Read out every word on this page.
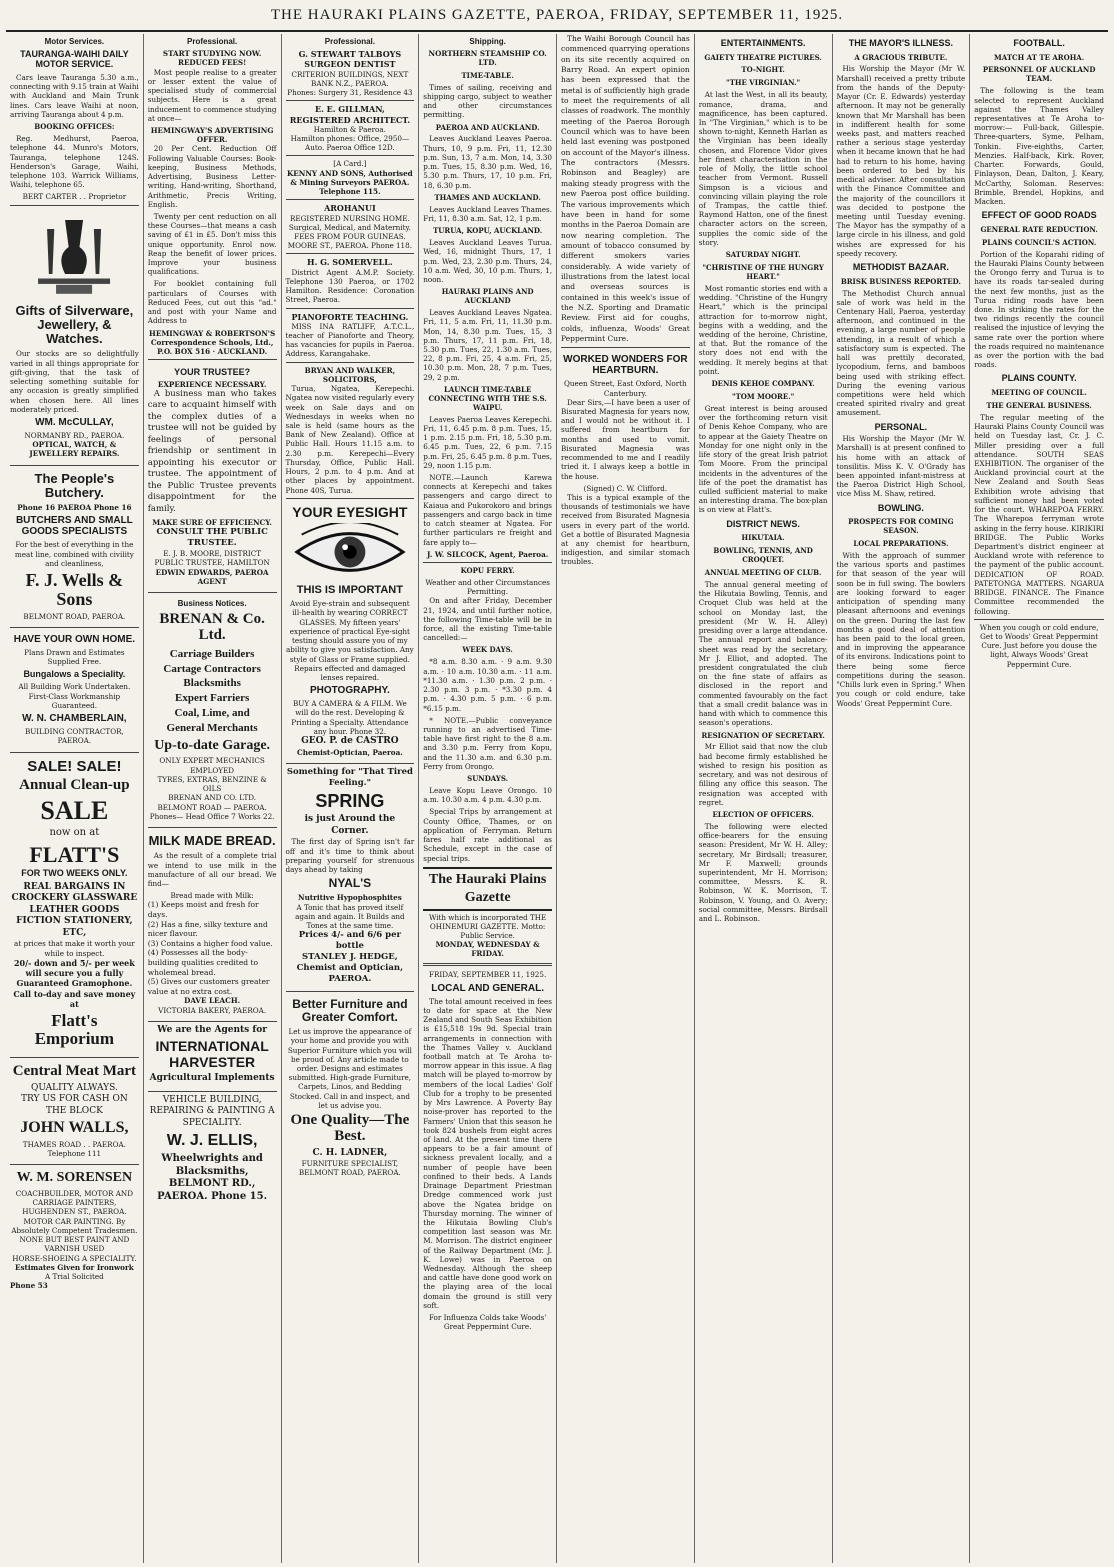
THE HAURAKI PLAINS GAZETTE, PAEROA, FRIDAY, SEPTEMBER 11, 1925.
Motor Services.
TAURANGA-WAIHI DAILY MOTOR SERVICE.
Cars leave Tauranga 5.30 a.m., connecting with 9.15 train at Waihi with Auckland and Main Trunk lines. Cars leave Waihi at noon, arriving Tauranga about 4 p.m.
BOOKING OFFICES:
Reg. Medhurst, Paeroa, telephone 44. Munro's Motors, Tauranga, telephone 124S. Henderson's Garage, Waihi, telephone 103. Warrick Williams, Waihi, telephone 65.
BERT CARTER . . Proprietor
Gifts of Silverware, Jewellery, & Watches.
Our stocks are so delightfully varied in all things appropriate for gift-giving, that the task of selecting something suitable for any occasion is greatly simplified when chosen here. All lines moderately priced.
WM. McCULLAY,
NORMANBY RD., PAEROA.
OPTICAL, WATCH, & JEWELLERY REPAIRS.
The People's Butchery.
Phone 16 PAEROA Phone 16
BUTCHERS AND SMALL GOODS SPECIALISTS
For the best of everything in the meat line, combined with civility and cleanliness,
F. J. Wells & Sons
BELMONT ROAD, PAEROA.
HAVE YOUR OWN HOME.
Plans Drawn and Estimates Supplied Free.
Bungalows a Speciality.
All Building Work Undertaken. First-Class Workmanship Guaranteed.
W. N. CHAMBERLAIN,
BUILDING CONTRACTOR, PAEROA.
SALE! SALE!
Annual Clean-up
SALE
now on at
FLATT'S
FOR TWO WEEKS ONLY.
REAL BARGAINS IN CROCKERY GLASSWARE LEATHER GOODS FICTION STATIONERY, ETC,
at prices that make it worth your while to inspect.
20/- down and 5/- per week will secure you a fully Guaranteed Gramophone.
Call to-day and save money at
Flatt's Emporium
Central Meat Mart
QUALITY ALWAYS.
TRY US FOR CASH ON THE BLOCK
JOHN WALLS,
THAMES ROAD . . PAEROA.
Telephone 111
W. M. SORENSEN
COACHBUILDER, MOTOR AND CARRIAGE PAINTERS, HUGHENDEN ST., PAEROA.
MOTOR CAR PAINTING. By Absolutely Competent Tradesmen.
NONE BUT BEST PAINT AND VARNISH USED
HORSE-SHOEING A SPECIALITY.
Estimates Given for Ironwork
A Trial Solicited
Phone 53
Professional.
START STUDYING NOW. REDUCED FEES!
Most people realise to a greater or lesser extent the value of specialised study of commercial subjects. Here is a great inducement to commence studying at once—
HEMINGWAY'S ADVERTISING OFFER.
20 Per Cent. Reduction Off Following Valuable Courses: Book-keeping, Business Methods, Advertising, Business Letter-writing, Hand-writing, Shorthand, Arithmetic, Precis Writing, English.
Twenty per cent reduction on all these Courses—that means a cash saving of £1 in £5. Don't miss this unique opportunity. Enrol now. Reap the benefit of lower prices. Improve your business qualifications.
For booklet containing full particulars of Courses with Reduced Fees, cut out this "ad." and post with your Name and Address to
HEMINGWAY & ROBERTSON'S Correspondence Schools, Ltd., P.O. BOX 516 · AUCKLAND.
YOUR TRUSTEE?
EXPERIENCE NECESSARY.
A business man who takes care to acquaint himself with the complex duties of a trustee will not be guided by feelings of personal friendship or sentiment in appointing his executor or trustee. The appointment of the Public Trustee prevents disappointment for the family.
MAKE SURE OF EFFICIENCY.
CONSULT THE PUBLIC TRUSTEE.
E. J. B. MOORE, DISTRICT PUBLIC TRUSTEE, HAMILTON
EDWIN EDWARDS, PAEROA AGENT
Business Notices.
BRENAN & Co. Ltd.
Carriage Builders
Cartage Contractors
Blacksmiths
Expert Farriers
Coal, Lime, and
General Merchants
Up-to-date Garage.
ONLY EXPERT MECHANICS EMPLOYED
TYRES, EXTRAS, BENZINE & OILS
BRENAN AND CO. LTD. BELMONT ROAD — PAEROA.
Phones— Head Office 7 Works 22.
MILK MADE BREAD.
As the result of a complete trial we intend to use milk in the manufacture of all our bread. We find—
Bread made with Milk:
(1) Keeps moist and fresh for days.
(2) Has a fine, silky texture and nicer flavour.
(3) Contains a higher food value.
(4) Possesses all the body-building qualities credited to wholemeal bread.
(5) Gives our customers greater value at no extra cost.
DAVE LEACH.
VICTORIA BAKERY, PAEROA.
We are the Agents for
INTERNATIONAL HARVESTER
Agricultural Implements
VEHICLE BUILDING, REPAIRING & PAINTING A SPECIALITY.
W. J. ELLIS,
Wheelwrights and Blacksmiths,
BELMONT RD., PAEROA. Phone 15.
Professional.
G. STEWART TALBOYS SURGEON DENTIST
CRITERION BUILDINGS, NEXT BANK N.Z., PAEROA.
Phones: Surgery 31, Residence 43
E. E. GILLMAN, REGISTERED ARCHITECT.
Hamilton & Paeroa.
Hamilton phones: Office, 2950—Auto. Paeroa Office 12D.
[A Card.]
KENNY AND SONS, Authorised & Mining Surveyors PAEROA. Telephone 115.
AROHANUI
REGISTERED NURSING HOME. Surgical, Medical, and Maternity. FEES FROM FOUR GUINEAS. MOORE ST., PAEROA. Phone 118.
H. G. SOMERVELL.
District Agent A.M.P. Society. Telephone 130 Paeroa, or 1702 Hamilton. Residence: Coronation Street, Paeroa.
PIANOFORTE TEACHING.
MISS INA RATLIFF, A.T.C.L., teacher of Pianoforte and Theory, has vacancies for pupils in Paeroa. Address, Karangahake.
BRYAN AND WALKER, SOLICITORS,
Turua, Ngatea, Kerepechi. Ngatea now visited regularly every week on Sale days and on Wednesdays in weeks when no sale is held (same hours as the Bank of New Zealand). Office at Public Hall. Hours 11.15 a.m. to 2.30 p.m. Kerepechi—Every Thursday, Office, Public Hall. Hours, 2 p.m. to 4 p.m. And at other places by appointment. Phone 40S, Turua.
YOUR EYESIGHT
THIS IS IMPORTANT
Avoid Eye-strain and subsequent ill-health by wearing CORRECT GLASSES. My fifteen years' experience of practical Eye-sight testing should assure you of my ability to give you satisfaction. Any style of Glass or Frame supplied. Repairs effected and damaged lenses repaired.
PHOTOGRAPHY.
BUY A CAMERA & A FILM. We will do the rest. Developing & Printing a Specialty. Attendance any hour. Phone 32.
GEO. P. de CASTRO
Chemist-Optician, Paeroa.
Something for "That Tired Feeling."
SPRING
is just Around the Corner.
The first day of Spring isn't far off and it's time to think about preparing yourself for strenuous days ahead by taking
NYAL'S
Nutritive Hypophosphites
A Tonic that has proved itself again and again. It Builds and Tones at the same time.
Prices 4/- and 6/6 per bottle
STANLEY J. HEDGE, Chemist and Optician, PAEROA.
Better Furniture and Greater Comfort.
Let us improve the appearance of your home and provide you with Superior Furniture which you will be proud of. Any article made to order. Designs and estimates submitted. High-grade Furniture, Carpets, Linos, and Bedding Stocked. Call in and inspect, and let us advise you.
One Quality—The Best.
C. H. LADNER,
FURNITURE SPECIALIST, BELMONT ROAD, PAEROA.
Shipping.
NORTHERN STEAMSHIP CO. LTD.
TIME-TABLE.
Times of sailing, receiving and shipping cargo, subject to weather and other circumstances permitting.
PAEROA AND AUCKLAND.
Leaves Auckland Leaves Paeroa. Thurs, 10, 9 p.m. Fri, 11, 12.30 p.m. Sun, 13, 7 a.m. Mon, 14, 3.30 p.m. Tues, 15, 8.30 p.m. Wed, 16, 5.30 p.m. Thurs, 17, 10 p.m. Fri, 18, 6.30 p.m.
THAMES AND AUCKLAND.
Leaves Auckland Leaves Thames. Fri, 11, 8.30 a.m. Sat, 12, 1 p.m.
TURUA, KOPU, AUCKLAND.
Leaves Auckland Leaves Turua. Wed, 16, midnight Thurs, 17, 1 p.m. Wed, 23, 2.30 p.m. Thurs, 24, 10 a.m. Wed, 30, 10 p.m. Thurs, 1, noon.
HAURAKI PLAINS AND AUCKLAND
Leaves Auckland Leaves Ngatea. Fri, 11, 5 a.m. Fri, 11, 11.30 p.m. Mon, 14, 8.30 p.m. Tues, 15, 3 p.m. Thurs, 17, 11 p.m. Fri, 18, 5.30 p.m. Tues, 22, 1.30 a.m. Tues, 22, 8 p.m. Fri, 25, 4 a.m. Fri, 25, 10.30 p.m. Mon, 28, 7 p.m. Tues, 29, 2 p.m.
LAUNCH TIME-TABLE CONNECTING WITH THE S.S. WAIPU.
Leaves Paeroa Leaves Kerepechi. Fri, 11, 6.45 p.m. 8 p.m. Tues, 15, 1 p.m. 2.15 p.m. Fri, 18, 5.30 p.m. 6.45 p.m. Tues, 22, 6 p.m. 7.15 p.m. Fri, 25, 6.45 p.m. 8 p.m. Tues, 29, noon 1.15 p.m.
NOTE.—Launch Karewa connects at Kerepechi and takes passengers and cargo direct to Kaiaua and Pukorokoro and brings passengers and cargo back in time to catch steamer at Ngatea. For further particulars re freight and fare apply to—
J. W. SILCOCK, Agent, Paeroa.
KOPU FERRY.
Weather and other Circumstances Permitting.
On and after Friday, December 21, 1924, and until further notice, the following Time-table will be in force, all the existing Time-table cancelled:—
WEEK DAYS.
*8 a.m. 8.30 a.m. · 9 a.m. 9.30 a.m. · 10 a.m. 10.30 a.m. · 11 a.m. *11.30 a.m. · 1.30 p.m. 2 p.m. · 2.30 p.m. 3 p.m. · *3.30 p.m. 4 p.m. · 4.30 p.m. 5 p.m. · 6 p.m. *6.15 p.m.
* NOTE.—Public conveyance running to an advertised Time-table have first right to the 8 a.m. and 3.30 p.m. Ferry from Kopu, and the 11.30 a.m. and 6.30 p.m. Ferry from Orongo.
SUNDAYS.
Leave Kopu Leave Orongo. 10 a.m. 10.30 a.m. 4 p.m. 4.30 p.m.
Special Trips by arrangement at County Office, Thames, or on application of Ferryman. Return fares half rate additional as Schedule, except in the case of special trips.
The Hauraki Plains Gazette
With which is incorporated THE OHINEMURI GAZETTE. Motto: Public Service.
MONDAY, WEDNESDAY & FRIDAY.
FRIDAY, SEPTEMBER 11, 1925.
LOCAL AND GENERAL.
The total amount received in fees to date for space at the New Zealand and South Seas Exhibition is £15,518 19s 9d. Special train arrangements in connection with the Thames Valley v. Auckland football match at Te Aroha to-morrow appear in this issue. A flag match will be played to-morrow by members of the local Ladies' Golf Club for a trophy to be presented by Mrs Lawrence. A Poverty Bay noise-prover has reported to the Farmers' Union that this season he took 824 bushels from eight acres of land. At the present time there appears to be a fair amount of sickness prevalent locally, and a number of people have been confined to their beds. A Lands Drainage Department Priestman Dredge commenced work just above the Ngatea bridge on Thursday morning. The winner of the Hikutaia Bowling Club's competition last season was Mr. M. Morrison. The district engineer of the Railway Department (Mr. J. K. Lowe) was in Paeroa on Wednesday. Although the sheep and cattle have done good work on the playing area of the local domain the ground is still very soft.
For Influenza Colds take Woods' Great Peppermint Cure.
The Waihi Borough Council has commenced quarrying operations on its site recently acquired on Barry Road. An expert opinion has been expressed that the metal is of sufficiently high grade to meet the requirements of all classes of roadwork. The monthly meeting of the Paeroa Borough Council which was to have been held last evening was postponed on account of the Mayor's illness. The contractors (Messrs. Robinson and Beagley) are making steady progress with the new Paeroa post office building. The various improvements which have been in hand for some months in the Paeroa Domain are now nearing completion. The amount of tobacco consumed by different smokers varies considerably. A wide variety of illustrations from the latest local and overseas sources is contained in this week's issue of the N.Z. Sporting and Dramatic Review. First aid for coughs, colds, influenza, Woods' Great Peppermint Cure.
WORKED WONDERS FOR HEARTBURN.
Queen Street, East Oxford, North Canterbury.
Dear Sirs,—I have been a user of Bisurated Magnesia for years now, and I would not be without it. I suffered from heartburn for months and used to vomit. Bisurated Magnesia was recommended to me and I readily tried it. I always keep a bottle in the house.
(Signed) C. W. Clifford.
This is a typical example of the thousands of testimonials we have received from Bisurated Magnesia users in every part of the world. Get a bottle of Bisurated Magnesia at any chemist for heartburn, indigestion, and similar stomach troubles.
ENTERTAINMENTS.
GAIETY THEATRE PICTURES.
TO-NIGHT.
"THE VIRGINIAN."
At last the West, in all its beauty, romance, drama, and magnificence, has been captured. In "The Virginian," which is to be shown to-night, Kenneth Harlan as the Virginian has been ideally chosen, and Florence Vidor gives her finest characterisation in the role of Molly, the little school teacher from Vermont. Russell Simpson is a vicious and convincing villain playing the role of Trampas, the cattle thief. Raymond Hatton, one of the finest character actors on the screen, supplies the comic side of the story.
SATURDAY NIGHT.
"CHRISTINE OF THE HUNGRY HEART."
Most romantic stories end with a wedding. "Christine of the Hungry Heart," which is the principal attraction for to-morrow night, begins with a wedding, and the wedding of the heroine, Christine, at that. But the romance of the story does not end with the wedding. It merely begins at that point.
DENIS KEHOE COMPANY.
"TOM MOORE."
Great interest is being aroused over the forthcoming return visit of Denis Kehoe Company, who are to appear at the Gaiety Theatre on Monday for one night only in the life story of the great Irish patriot Tom Moore. From the principal incidents in the adventures of the life of the poet the dramatist has culled sufficient material to make an interesting drama. The box-plan is on view at Flatt's.
DISTRICT NEWS.
HIKUTAIA.
BOWLING, TENNIS, AND CROQUET.
ANNUAL MEETING OF CLUB.
The annual general meeting of the Hikutaia Bowling, Tennis, and Croquet Club was held at the school on Monday last, the president (Mr W. H. Alley) presiding over a large attendance. The annual report and balance-sheet was read by the secretary, Mr J. Elliot, and adopted. The president congratulated the club on the fine state of affairs as disclosed in the report and commented favourably on the fact that a small credit balance was in hand with which to commence this season's operations.
RESIGNATION OF SECRETARY.
Mr Elliot said that now the club had become firmly established he wished to resign his position as secretary, and was not desirous of filling any office this season. The resignation was accepted with regret.
ELECTION OF OFFICERS.
The following were elected office-bearers for the ensuing season: President, Mr W. H. Alley; secretary, Mr Birdsall; treasurer, Mr F. Maxwell; grounds superintendent, Mr H. Morrison; committee, Messrs. K. R. Robinson, W. K. Morrison, T. Robinson, V. Young, and O. Avery; social committee, Messrs. Birdsall and L. Robinson.
THE MAYOR'S ILLNESS.
A GRACIOUS TRIBUTE.
His Worship the Mayor (Mr W. Marshall) received a pretty tribute from the hands of the Deputy-Mayor (Cr. E. Edwards) yesterday afternoon. It may not be generally known that Mr Marshall has been in indifferent health for some weeks past, and matters reached rather a serious stage yesterday when it became known that he had had to return to his home, having been ordered to bed by his medical adviser. After consultation with the Finance Committee and the majority of the councillors it was decided to postpone the meeting until Tuesday evening. The Mayor has the sympathy of a large circle in his illness, and gold wishes are expressed for his speedy recovery.
METHODIST BAZAAR.
BRISK BUSINESS REPORTED.
The Methodist Church annual sale of work was held in the Centenary Hall, Paeroa, yesterday afternoon, and continued in the evening, a large number of people attending, in a result of which a satisfactory sum is expected. The hall was prettily decorated, lycopodium, ferns, and bamboos being used with striking effect. During the evening various competitions were held which created spirited rivalry and great amusement.
PERSONAL.
His Worship the Mayor (Mr W. Marshall) is at present confined to his home with an attack of tonsilitis. Miss K. V. O'Grady has been appointed infant-mistress at the Paeroa District High School, vice Miss M. Shaw, retired.
BOWLING.
PROSPECTS FOR COMING SEASON.
LOCAL PREPARATIONS.
With the approach of summer the various sports and pastimes for that season of the year will soon be in full swing. The bowlers are looking forward to eager anticipation of spending many pleasant afternoons and evenings on the green. During the last few months a good deal of attention has been paid to the local green, and in improving the appearance of its environs. Indications point to there being some fierce competitions during the season. "Chills lurk even in Spring." When you cough or cold endure, take Woods' Great Peppermint Cure.
FOOTBALL.
MATCH AT TE AROHA.
PERSONNEL OF AUCKLAND TEAM.
The following is the team selected to represent Auckland against the Thames Valley representatives at Te Aroha to-morrow:— Full-back, Gillespie. Three-quarters, Syme, Pelham, Tonkin. Five-eighths, Carter, Menzies. Half-back, Kirk. Rover, Charter. Forwards, Gould, Finlayson, Dean, Dalton, J. Keary, McCarthy, Soloman. Reserves: Brimble, Brendel, Hopkins, and Macken.
EFFECT OF GOOD ROADS
GENERAL RATE REDUCTION.
PLAINS COUNCIL'S ACTION.
Portion of the Koparahi riding of the Hauraki Plains County between the Orongo ferry and Turua is to have its roads tar-sealed during the next few months, just as the Turua riding roads have been done. In striking the rates for the two ridings recently the council realised the injustice of levying the same rate over the portion where the roads required no maintenance as over the portion with the bad roads.
PLAINS COUNTY.
MEETING OF COUNCIL.
THE GENERAL BUSINESS.
The regular meeting of the Hauraki Plains County Council was held on Tuesday last, Cr. J. C. Miller presiding over a full attendance. SOUTH SEAS EXHIBITION. The organiser of the Auckland provincial court at the New Zealand and South Seas Exhibition wrote advising that sufficient money had been voted for the court. WHAREPOA FERRY. The Wharepoa ferryman wrote asking in the ferry house. KIRIKIRI BRIDGE. The Public Works Department's district engineer at Auckland wrote with reference to the payment of the public account. DEDICATION OF ROAD. PATETONGA MATTERS. NGARUA BRIDGE. FINANCE. The Finance Committee recommended the following.
When you cough or cold endure, Get to Woods' Great Peppermint Cure. Just before you douse the light, Always Woods' Great Peppermint Cure.
